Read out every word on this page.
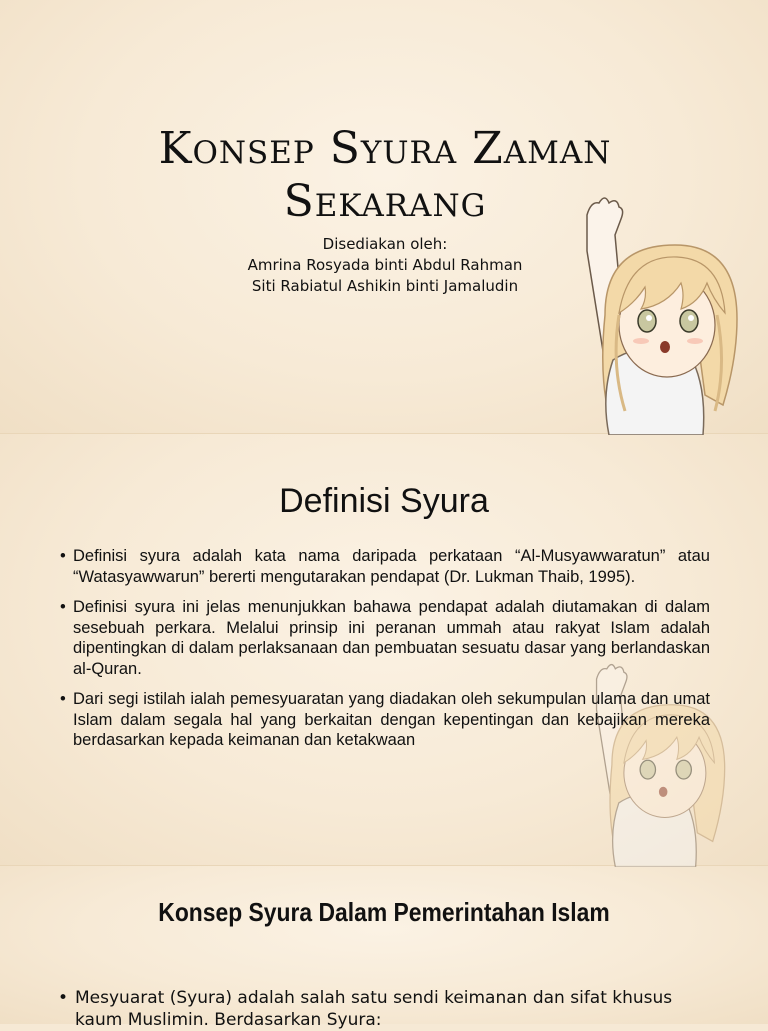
Konsep Syura Zaman Sekarang
Disediakan oleh:
Amrina Rosyada binti Abdul Rahman
Siti Rabiatul Ashikin binti Jamaludin
Definisi Syura
• Definisi syura adalah kata nama daripada perkataan “Al-Musyawwaratun” atau “Watasyawwarun” bererti mengutarakan pendapat (Dr. Lukman Thaib, 1995).
• Definisi syura ini jelas menunjukkan bahawa pendapat adalah diutamakan di dalam sesebuah perkara. Melalui prinsip ini peranan ummah atau rakyat Islam adalah dipentingkan di dalam perlaksanaan dan pembuatan sesuatu dasar yang berlandaskan al-Quran.
• Dari segi istilah ialah pemesyuaratan yang diadakan oleh sekumpulan ulama dan umat Islam dalam segala hal yang berkaitan dengan kepentingan dan kebajikan mereka berdasarkan kepada keimanan dan ketakwaan
Konsep Syura Dalam Pemerintahan Islam
• Mesyuarat (Syura) adalah salah satu sendi keimanan dan sifat khusus kaum Muslimin. Berdasarkan Syura:
